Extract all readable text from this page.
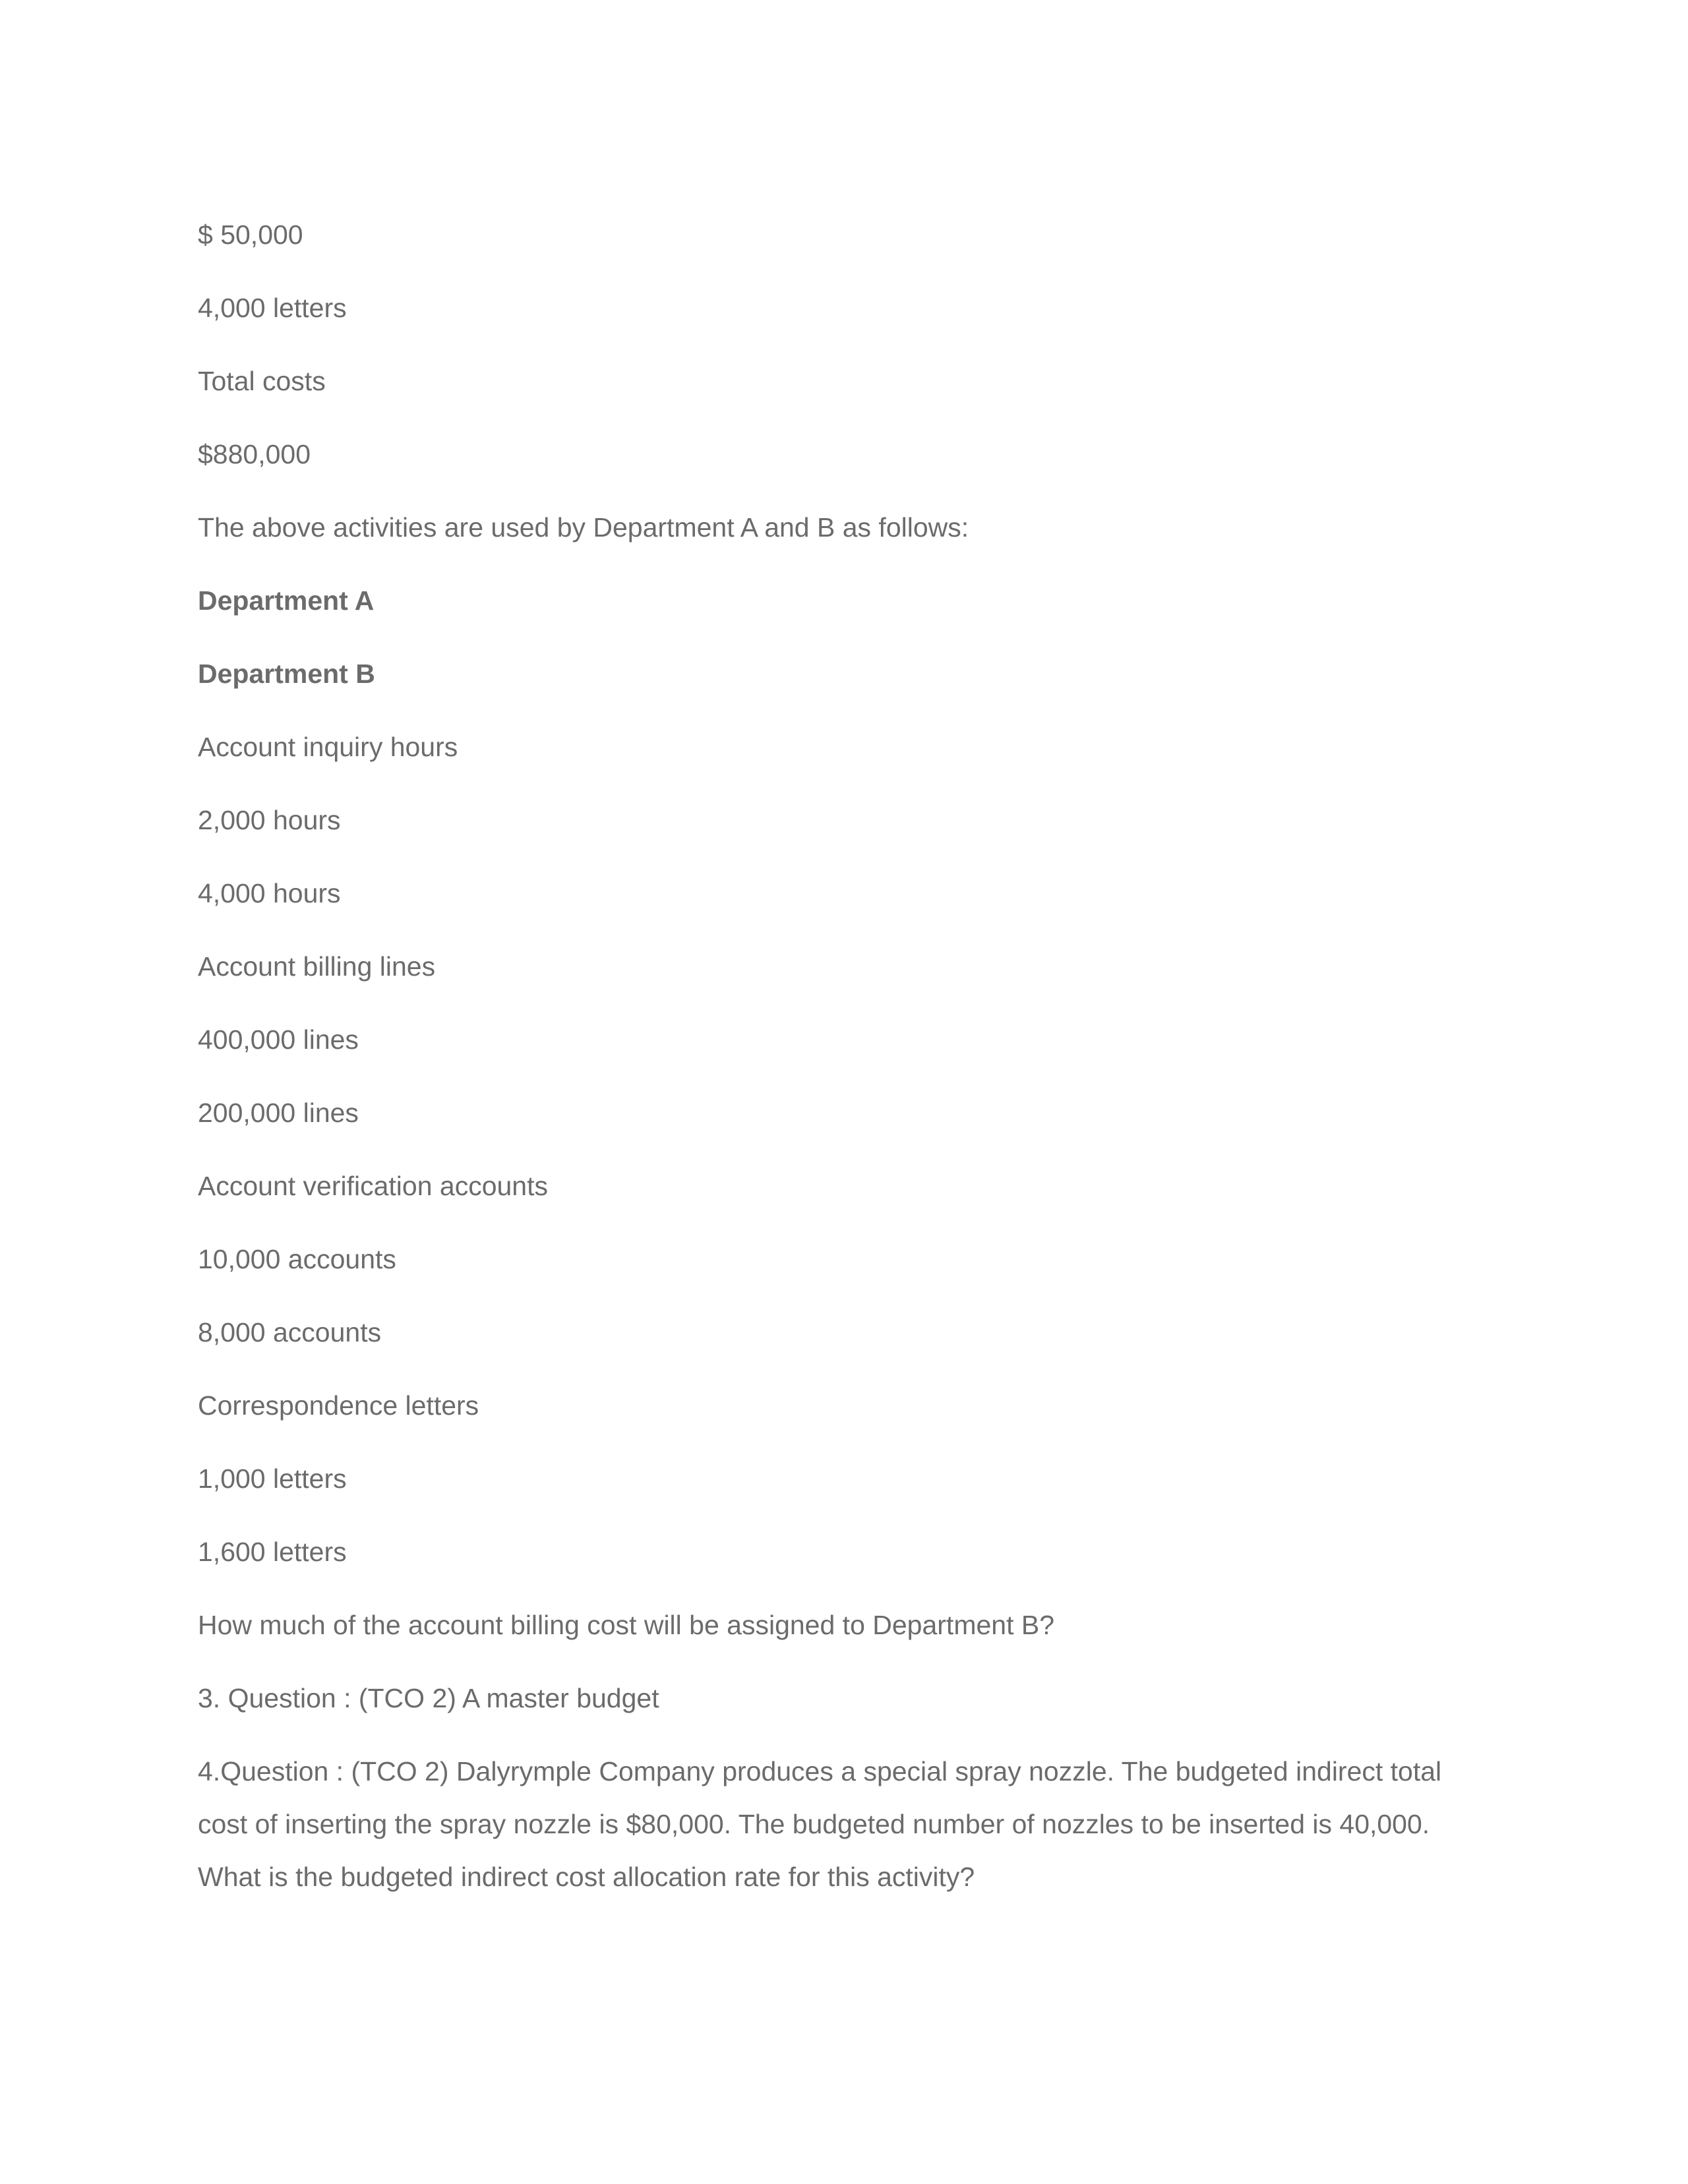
$ 50,000

4,000 letters

Total costs

$880,000

The above activities are used by Department A and B as follows:

Department A

Department B

Account inquiry hours

2,000 hours

4,000 hours

Account billing lines

400,000 lines

200,000 lines

Account verification accounts

10,000 accounts

8,000 accounts

Correspondence letters

1,000 letters

1,600 letters

How much of the account billing cost will be assigned to Department B?

3. Question : (TCO 2) A master budget

4.Question : (TCO 2) Dalyrymple Company produces a special spray nozzle. The budgeted indirect total cost of inserting the spray nozzle is $80,000. The budgeted number of nozzles to be inserted is 40,000. What is the budgeted indirect cost allocation rate for this activity?
